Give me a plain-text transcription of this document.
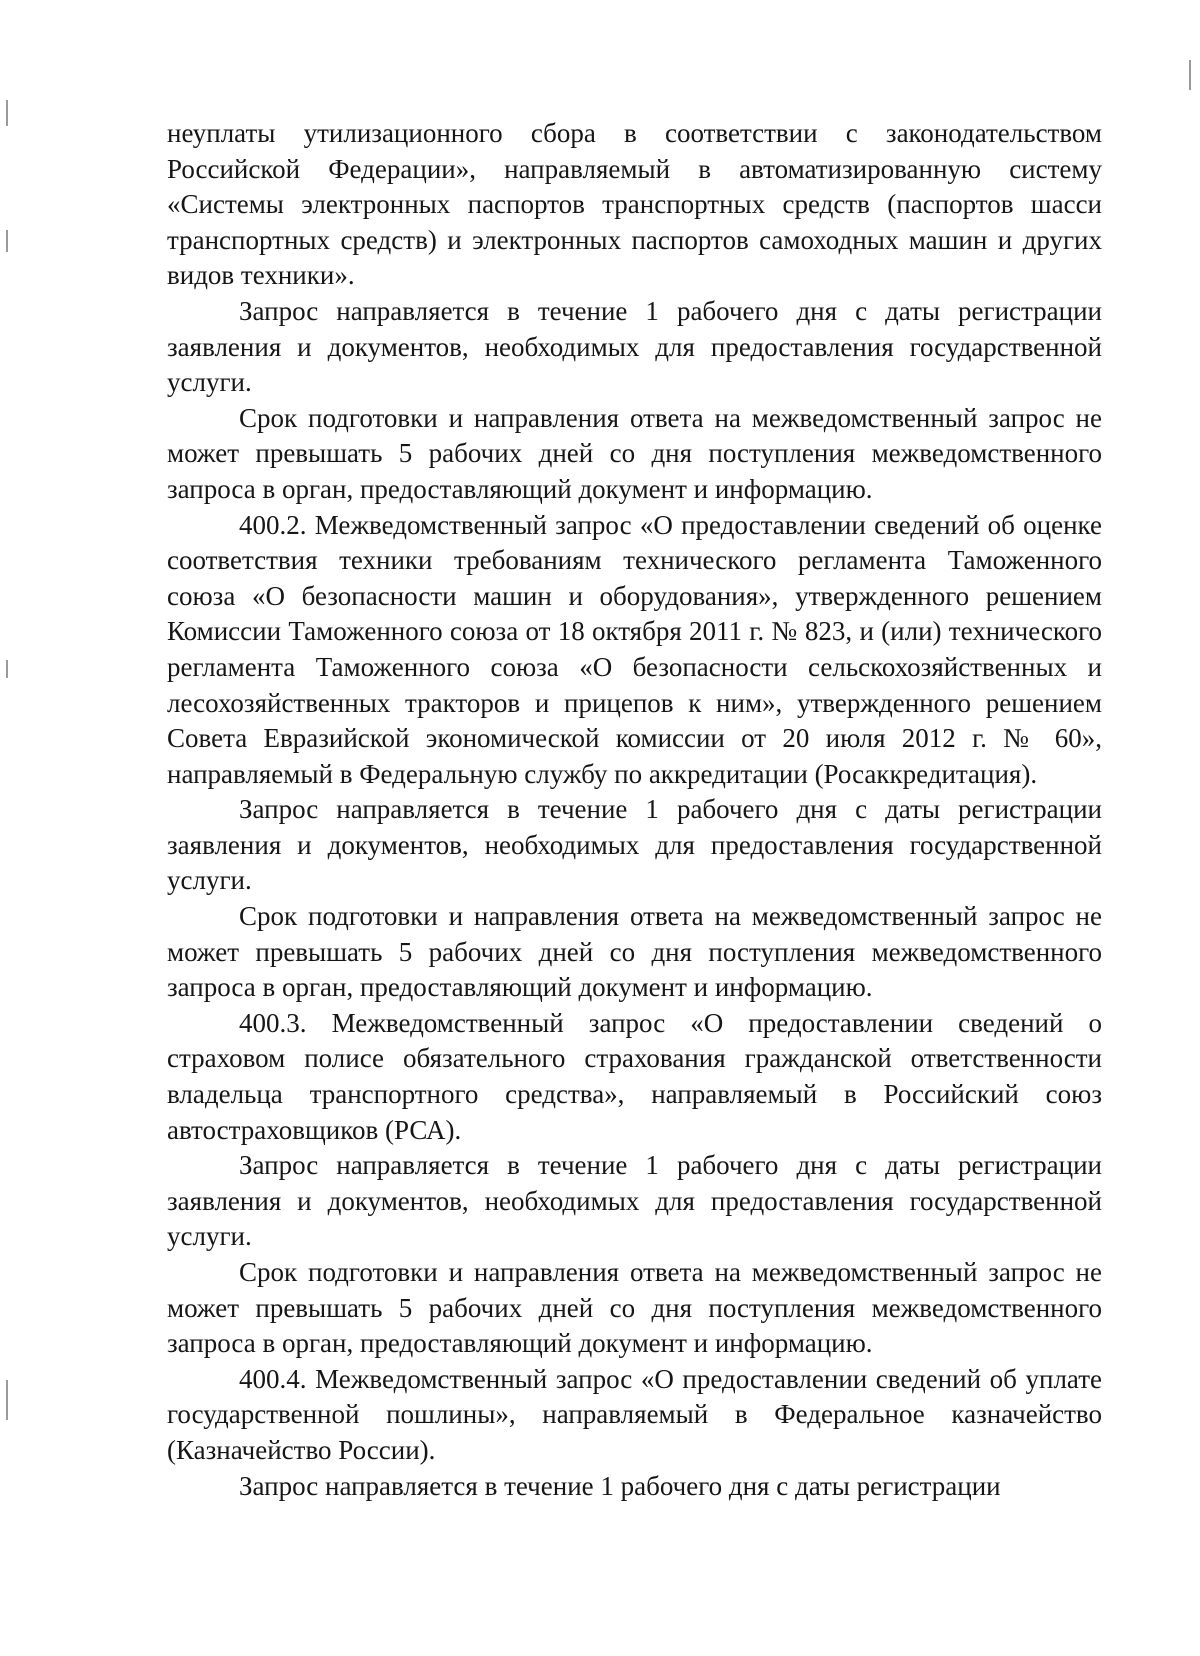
неуплаты утилизационного сбора в соответствии с законодательством Российской Федерации», направляемый в автоматизированную систему «Системы электронных паспортов транспортных средств (паспортов шасси транспортных средств) и электронных паспортов самоходных машин и других видов техники».

Запрос направляется в течение 1 рабочего дня с даты регистрации заявления и документов, необходимых для предоставления государственной услуги.

Срок подготовки и направления ответа на межведомственный запрос не может превышать 5 рабочих дней со дня поступления межведомственного запроса в орган, предоставляющий документ и информацию.

400.2. Межведомственный запрос «О предоставлении сведений об оценке соответствия техники требованиям технического регламента Таможенного союза «О безопасности машин и оборудования», утвержденного решением Комиссии Таможенного союза от 18 октября 2011 г. № 823, и (или) технического регламента Таможенного союза «О безопасности сельскохозяйственных и лесохозяйственных тракторов и прицепов к ним», утвержденного решением Совета Евразийской экономической комиссии от 20 июля 2012 г. № 60», направляемый в Федеральную службу по аккредитации (Росаккредитация).

Запрос направляется в течение 1 рабочего дня с даты регистрации заявления и документов, необходимых для предоставления государственной услуги.

Срок подготовки и направления ответа на межведомственный запрос не может превышать 5 рабочих дней со дня поступления межведомственного запроса в орган, предоставляющий документ и информацию.

400.3. Межведомственный запрос «О предоставлении сведений о страховом полисе обязательного страхования гражданской ответственности владельца транспортного средства», направляемый в Российский союз автостраховщиков (РСА).

Запрос направляется в течение 1 рабочего дня с даты регистрации заявления и документов, необходимых для предоставления государственной услуги.

Срок подготовки и направления ответа на межведомственный запрос не может превышать 5 рабочих дней со дня поступления межведомственного запроса в орган, предоставляющий документ и информацию.

400.4. Межведомственный запрос «О предоставлении сведений об уплате государственной пошлины», направляемый в Федеральное казначейство (Казначейство России).

Запрос направляется в течение 1 рабочего дня с даты регистрации
